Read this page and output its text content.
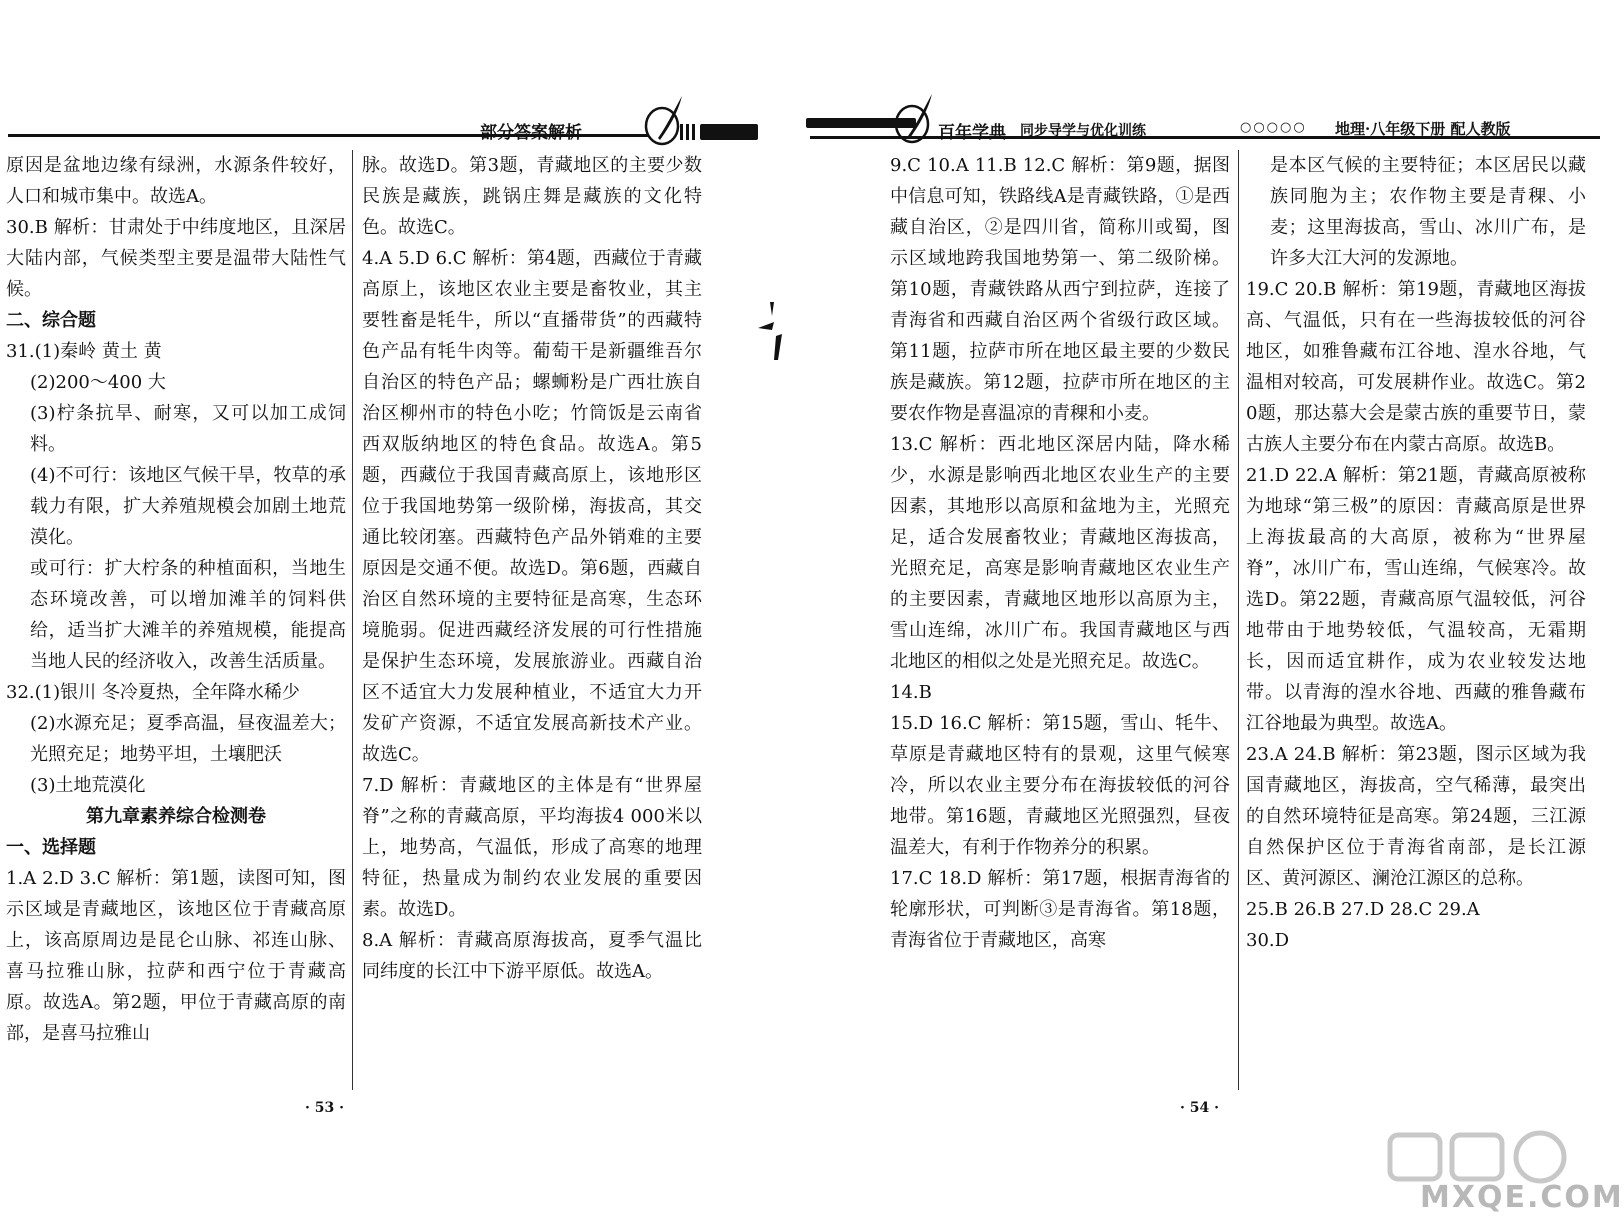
部分答案解析

原因是盆地边缘有绿洲，水源条件较好，人口和城市集中。故选A。

30.B 解析：甘肃处于中纬度地区，且深居大陆内部，气候类型主要是温带大陆性气候。

二、综合题

31.(1)秦岭 黄土 黄

(2)200～400 大

(3)柠条抗旱、耐寒，又可以加工成饲料。

(4)不可行：该地区气候干旱，牧草的承载力有限，扩大养殖规模会加剧土地荒漠化。

或可行：扩大柠条的种植面积，当地生态环境改善，可以增加滩羊的饲料供给，适当扩大滩羊的养殖规模，能提高当地人民的经济收入，改善生活质量。

32.(1)银川 冬冷夏热，全年降水稀少

(2)水源充足；夏季高温，昼夜温差大；光照充足；地势平坦，土壤肥沃

(3)土地荒漠化

第九章素养综合检测卷

一、选择题

1.A 2.D 3.C 解析：第1题，读图可知，图示区域是青藏地区，该地区位于青藏高原上，该高原周边是昆仑山脉、祁连山脉、喜马拉雅山脉，拉萨和西宁位于青藏高原。故选A。第2题，甲位于青藏高原的南部，是喜马拉雅山

脉。故选D。第3题，青藏地区的主要少数民族是藏族，跳锅庄舞是藏族的文化特色。故选C。

4.A 5.D 6.C 解析：第4题，西藏位于青藏高原上，该地区农业主要是畜牧业，其主要牲畜是牦牛，所以“直播带货”的西藏特色产品有牦牛肉等。葡萄干是新疆维吾尔自治区的特色产品；螺蛳粉是广西壮族自治区柳州市的特色小吃；竹筒饭是云南省西双版纳地区的特色食品。故选A。第5题，西藏位于我国青藏高原上，该地形区位于我国地势第一级阶梯，海拔高，其交通比较闭塞。西藏特色产品外销难的主要原因是交通不便。故选D。第6题，西藏自治区自然环境的主要特征是高寒，生态环境脆弱。促进西藏经济发展的可行性措施是保护生态环境，发展旅游业。西藏自治区不适宜大力发展种植业，不适宜大力开发矿产资源，不适宜发展高新技术产业。故选C。

7.D 解析：青藏地区的主体是有“世界屋脊”之称的青藏高原，平均海拔4 000米以上，地势高，气温低，形成了高寒的地理特征，热量成为制约农业发展的重要因素。故选D。

8.A 解析：青藏高原海拔高，夏季气温比同纬度的长江中下游平原低。故选A。

· 53 ·
百年学典 同步导学与优化训练	○○○○○ 地理·八年级下册 配人教版

9.C 10.A 11.B 12.C 解析：第9题，据图中信息可知，铁路线A是青藏铁路，①是西藏自治区，②是四川省，简称川或蜀，图示区域地跨我国地势第一、第二级阶梯。第10题，青藏铁路从西宁到拉萨，连接了青海省和西藏自治区两个省级行政区域。第11题，拉萨市所在地区最主要的少数民族是藏族。第12题，拉萨市所在地区的主要农作物是喜温凉的青稞和小麦。

13.C 解析：西北地区深居内陆，降水稀少，水源是影响西北地区农业生产的主要因素，其地形以高原和盆地为主，光照充足，适合发展畜牧业；青藏地区海拔高，光照充足，高寒是影响青藏地区农业生产的主要因素，青藏地区地形以高原为主，雪山连绵，冰川广布。我国青藏地区与西北地区的相似之处是光照充足。故选C。

14.B

15.D 16.C 解析：第15题，雪山、牦牛、草原是青藏地区特有的景观，这里气候寒冷，所以农业主要分布在海拔较低的河谷地带。第16题，青藏地区光照强烈，昼夜温差大，有利于作物养分的积累。

17.C 18.D 解析：第17题，根据青海省的轮廓形状，可判断③是青海省。第18题，青海省位于青藏地区，高寒

是本区气候的主要特征；本区居民以藏族同胞为主；农作物主要是青稞、小麦；这里海拔高，雪山、冰川广布，是许多大江大河的发源地。

19.C 20.B 解析：第19题，青藏地区海拔高、气温低，只有在一些海拔较低的河谷地区，如雅鲁藏布江谷地、湟水谷地，气温相对较高，可发展耕作业。故选C。第20题，那达慕大会是蒙古族的重要节日，蒙古族人主要分布在内蒙古高原。故选B。

21.D 22.A 解析：第21题，青藏高原被称为地球“第三极”的原因：青藏高原是世界上海拔最高的大高原，被称为“世界屋脊”，冰川广布，雪山连绵，气候寒冷。故选D。第22题，青藏高原气温较低，河谷地带由于地势较低，气温较高，无霜期长，因而适宜耕作，成为农业较发达地带。以青海的湟水谷地、西藏的雅鲁藏布江谷地最为典型。故选A。

23.A 24.B 解析：第23题，图示区域为我国青藏地区，海拔高，空气稀薄，最突出的自然环境特征是高寒。第24题，三江源自然保护区位于青海省南部，是长江源区、黄河源区、澜沧江源区的总称。

25.B 26.B 27.D 28.C 29.A

30.D

· 54 ·
MXQE.COM
